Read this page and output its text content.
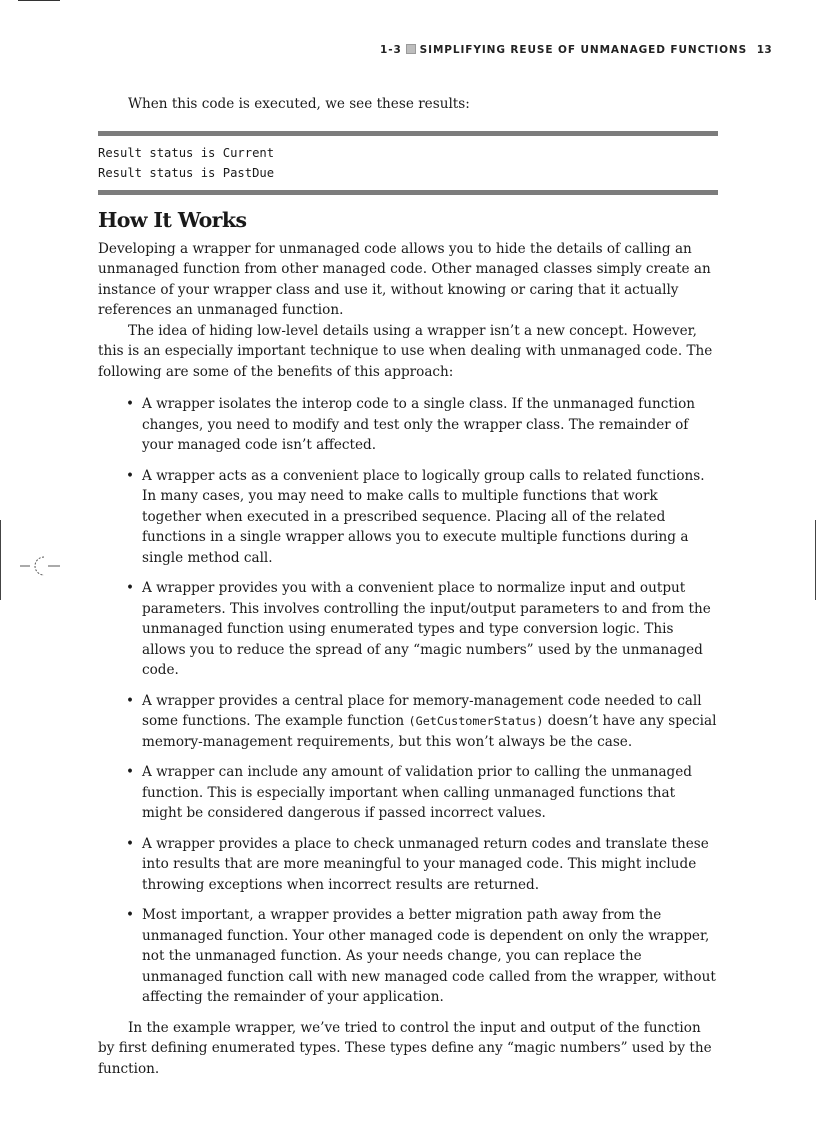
1-3 SIMPLIFYING REUSE OF UNMANAGED FUNCTIONS 13

When this code is executed, we see these results:

Result status is Current
Result status is PastDue
How It Works

Developing a wrapper for unmanaged code allows you to hide the details of calling an unmanaged function from other managed code. Other managed classes simply create an instance of your wrapper class and use it, without knowing or caring that it actually references an unmanaged function.

The idea of hiding low-level details using a wrapper isn’t a new concept. However, this is an especially important technique to use when dealing with unmanaged code. The following are some of the benefits of this approach:

• A wrapper isolates the interop code to a single class. If the unmanaged function changes, you need to modify and test only the wrapper class. The remainder of your managed code isn’t affected.
• A wrapper acts as a convenient place to logically group calls to related functions. In many cases, you may need to make calls to multiple functions that work together when executed in a prescribed sequence. Placing all of the related functions in a single wrapper allows you to execute multiple functions during a single method call.
• A wrapper provides you with a convenient place to normalize input and output parameters. This involves controlling the input/output parameters to and from the unmanaged function using enumerated types and type conversion logic. This allows you to reduce the spread of any “magic numbers” used by the unmanaged code.
• A wrapper provides a central place for memory-management code needed to call some functions. The example function (GetCustomerStatus) doesn’t have any special memory-management requirements, but this won’t always be the case.
• A wrapper can include any amount of validation prior to calling the unmanaged function. This is especially important when calling unmanaged functions that might be considered dangerous if passed incorrect values.
• A wrapper provides a place to check unmanaged return codes and translate these into results that are more meaningful to your managed code. This might include throwing exceptions when incorrect results are returned.
• Most important, a wrapper provides a better migration path away from the unmanaged function. Your other managed code is dependent on only the wrapper, not the unmanaged function. As your needs change, you can replace the unmanaged function call with new managed code called from the wrapper, without affecting the remainder of your application.

In the example wrapper, we’ve tried to control the input and output of the function by first defining enumerated types. These types define any “magic numbers” used by the function.
